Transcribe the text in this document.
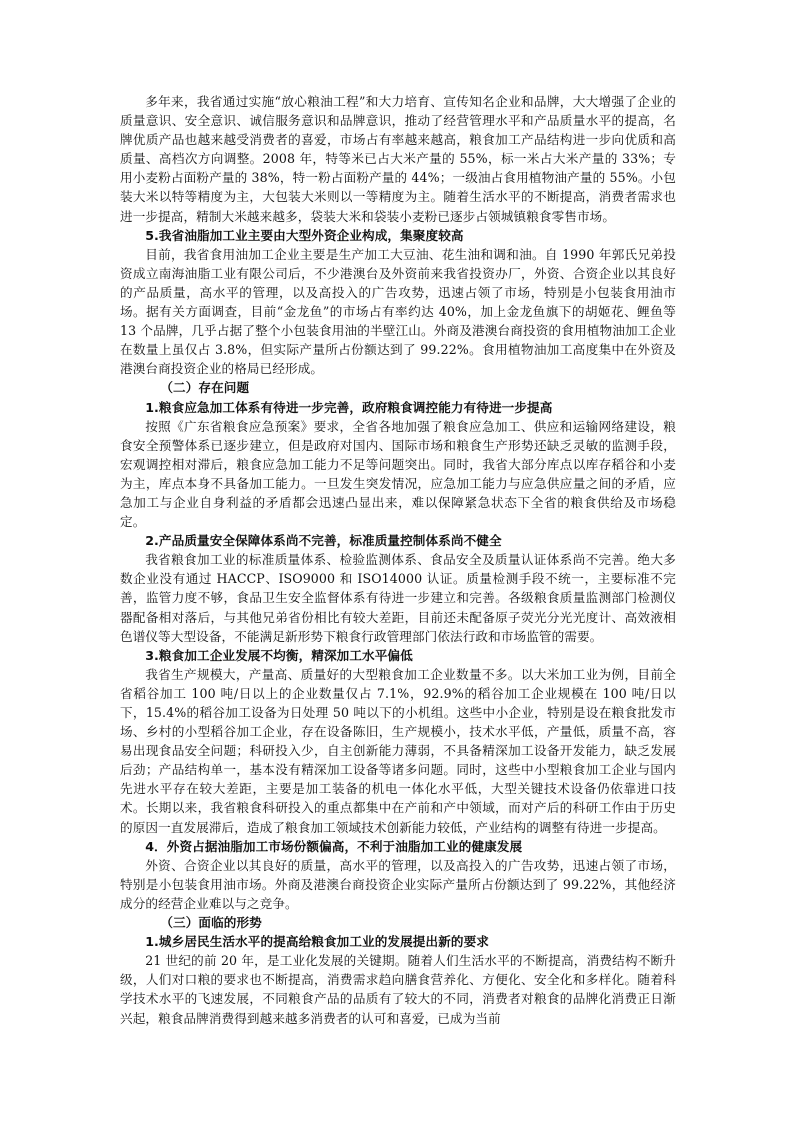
多年来，我省通过实施“放心粮油工程”和大力培育、宣传知名企业和品牌，大大增强了企业的质量意识、安全意识、诚信服务意识和品牌意识，推动了经营管理水平和产品质量水平的提高，名牌优质产品也越来越受消费者的喜爱，市场占有率越来越高，粮食加工产品结构进一步向优质和高质量、高档次方向调整。2008 年，特等米已占大米产量的 55%，标一米占大米产量的 33%；专用小麦粉占面粉产量的 38%，特一粉占面粉产量的 44%；一级油占食用植物油产量的 55%。小包装大米以特等精度为主，大包装大米则以一等精度为主。随着生活水平的不断提高，消费者需求也进一步提高，精制大米越来越多，袋装大米和袋装小麦粉已逐步占领城镇粮食零售市场。

5.我省油脂加工业主要由大型外资企业构成，集聚度较高

目前，我省食用油加工企业主要是生产加工大豆油、花生油和调和油。自 1990 年郭氏兄弟投资成立南海油脂工业有限公司后，不少港澳台及外资前来我省投资办厂，外资、合资企业以其良好的产品质量，高水平的管理，以及高投入的广告攻势，迅速占领了市场，特别是小包装食用油市场。据有关方面调查，目前“金龙鱼”的市场占有率约达 40%，加上金龙鱼旗下的胡姬花、鲤鱼等 13 个品牌，几乎占据了整个小包装食用油的半壁江山。外商及港澳台商投资的食用植物油加工企业在数量上虽仅占 3.8%，但实际产量所占份额达到了 99.22%。食用植物油加工高度集中在外资及港澳台商投资企业的格局已经形成。

（二）存在问题

1.粮食应急加工体系有待进一步完善，政府粮食调控能力有待进一步提高

按照《广东省粮食应急预案》要求，全省各地加强了粮食应急加工、供应和运输网络建设，粮食安全预警体系已逐步建立，但是政府对国内、国际市场和粮食生产形势还缺乏灵敏的监测手段，宏观调控相对滞后，粮食应急加工能力不足等问题突出。同时，我省大部分库点以库存稻谷和小麦为主，库点本身不具备加工能力。一旦发生突发情况，应急加工能力与应急供应量之间的矛盾，应急加工与企业自身利益的矛盾都会迅速凸显出来，难以保障紧急状态下全省的粮食供给及市场稳定。

2.产品质量安全保障体系尚不完善，标准质量控制体系尚不健全

我省粮食加工业的标准质量体系、检验监测体系、食品安全及质量认证体系尚不完善。绝大多数企业没有通过 HACCP、ISO9000 和 ISO14000 认证。质量检测手段不统一，主要标准不完善，监管力度不够，食品卫生安全监督体系有待进一步建立和完善。各级粮食质量监测部门检测仪器配备相对落后，与其他兄弟省份相比有较大差距，目前还未配备原子荧光分光光度计、高效液相色谱仪等大型设备，不能满足新形势下粮食行政管理部门依法行政和市场监管的需要。

3.粮食加工企业发展不均衡，精深加工水平偏低

我省生产规模大，产量高、质量好的大型粮食加工企业数量不多。以大米加工业为例，目前全省稻谷加工 100 吨/日以上的企业数量仅占 7.1%，92.9%的稻谷加工企业规模在 100 吨/日以下，15.4%的稻谷加工设备为日处理 50 吨以下的小机组。这些中小企业，特别是设在粮食批发市场、乡村的小型稻谷加工企业，存在设备陈旧，生产规模小，技术水平低，产量低，质量不高，容易出现食品安全问题；科研投入少，自主创新能力薄弱，不具备精深加工设备开发能力，缺乏发展后劲；产品结构单一，基本没有精深加工设备等诸多问题。同时，这些中小型粮食加工企业与国内先进水平存在较大差距，主要是加工装备的机电一体化水平低，大型关键技术设备仍依靠进口技术。长期以来，我省粮食科研投入的重点都集中在产前和产中领域，而对产后的科研工作由于历史的原因一直发展滞后，造成了粮食加工领域技术创新能力较低，产业结构的调整有待进一步提高。

4．外资占据油脂加工市场份额偏高，不利于油脂加工业的健康发展

外资、合资企业以其良好的质量，高水平的管理，以及高投入的广告攻势，迅速占领了市场，特别是小包装食用油市场。外商及港澳台商投资企业实际产量所占份额达到了 99.22%，其他经济成分的经营企业难以与之竞争。

（三）面临的形势

1.城乡居民生活水平的提高给粮食加工业的发展提出新的要求

21 世纪的前 20 年，是工业化发展的关键期。随着人们生活水平的不断提高，消费结构不断升级，人们对口粮的要求也不断提高，消费需求趋向膳食营养化、方便化、安全化和多样化。随着科学技术水平的飞速发展，不同粮食产品的品质有了较大的不同，消费者对粮食的品牌化消费正日渐兴起，粮食品牌消费得到越来越多消费者的认可和喜爱，已成为当前
